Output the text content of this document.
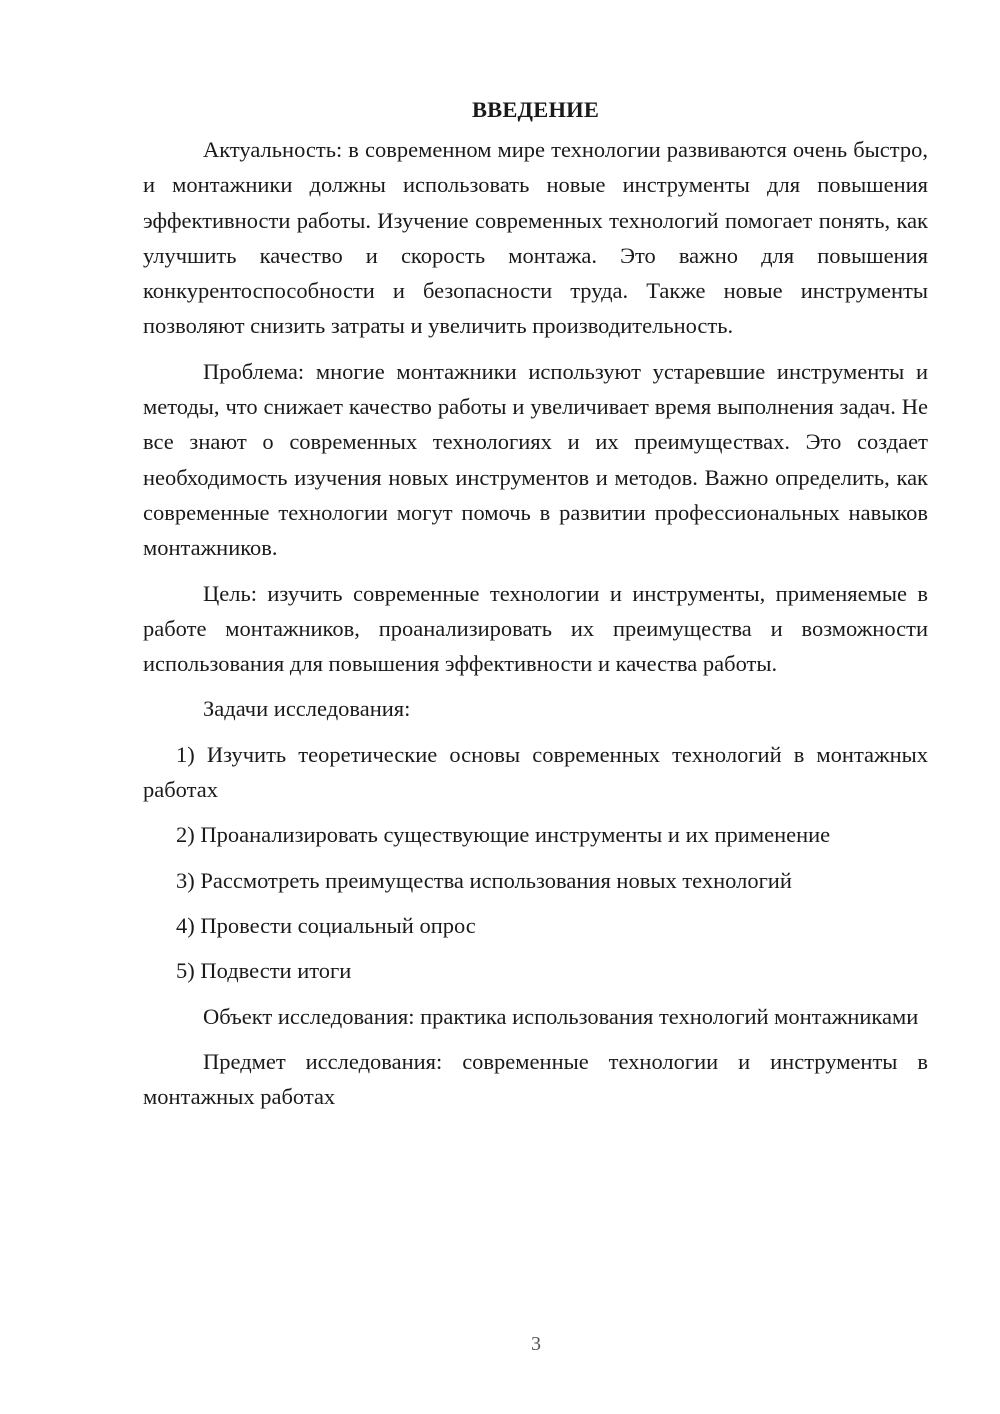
ВВЕДЕНИЕ

Актуальность: в современном мире технологии развиваются очень быстро, и монтажники должны использовать новые инструменты для повышения эффективности работы. Изучение современных технологий помогает понять, как улучшить качество и скорость монтажа. Это важно для повышения конкурентоспособности и безопасности труда. Также новые инструменты позволяют снизить затраты и увеличить производительность.

Проблема: многие монтажники используют устаревшие инструменты и методы, что снижает качество работы и увеличивает время выполнения задач. Не все знают о современных технологиях и их преимуществах. Это создает необходимость изучения новых инструментов и методов. Важно определить, как современные технологии могут помочь в развитии профессиональных навыков монтажников.

Цель: изучить современные технологии и инструменты, применяемые в работе монтажников, проанализировать их преимущества и возможности использования для повышения эффективности и качества работы.

Задачи исследования:

1) Изучить теоретические основы современных технологий в монтажных работах

2) Проанализировать существующие инструменты и их применение

3) Рассмотреть преимущества использования новых технологий

4) Провести социальный опрос

5) Подвести итоги

Объект исследования: практика использования технологий монтажниками

Предмет исследования: современные технологии и инструменты в монтажных работах

3
